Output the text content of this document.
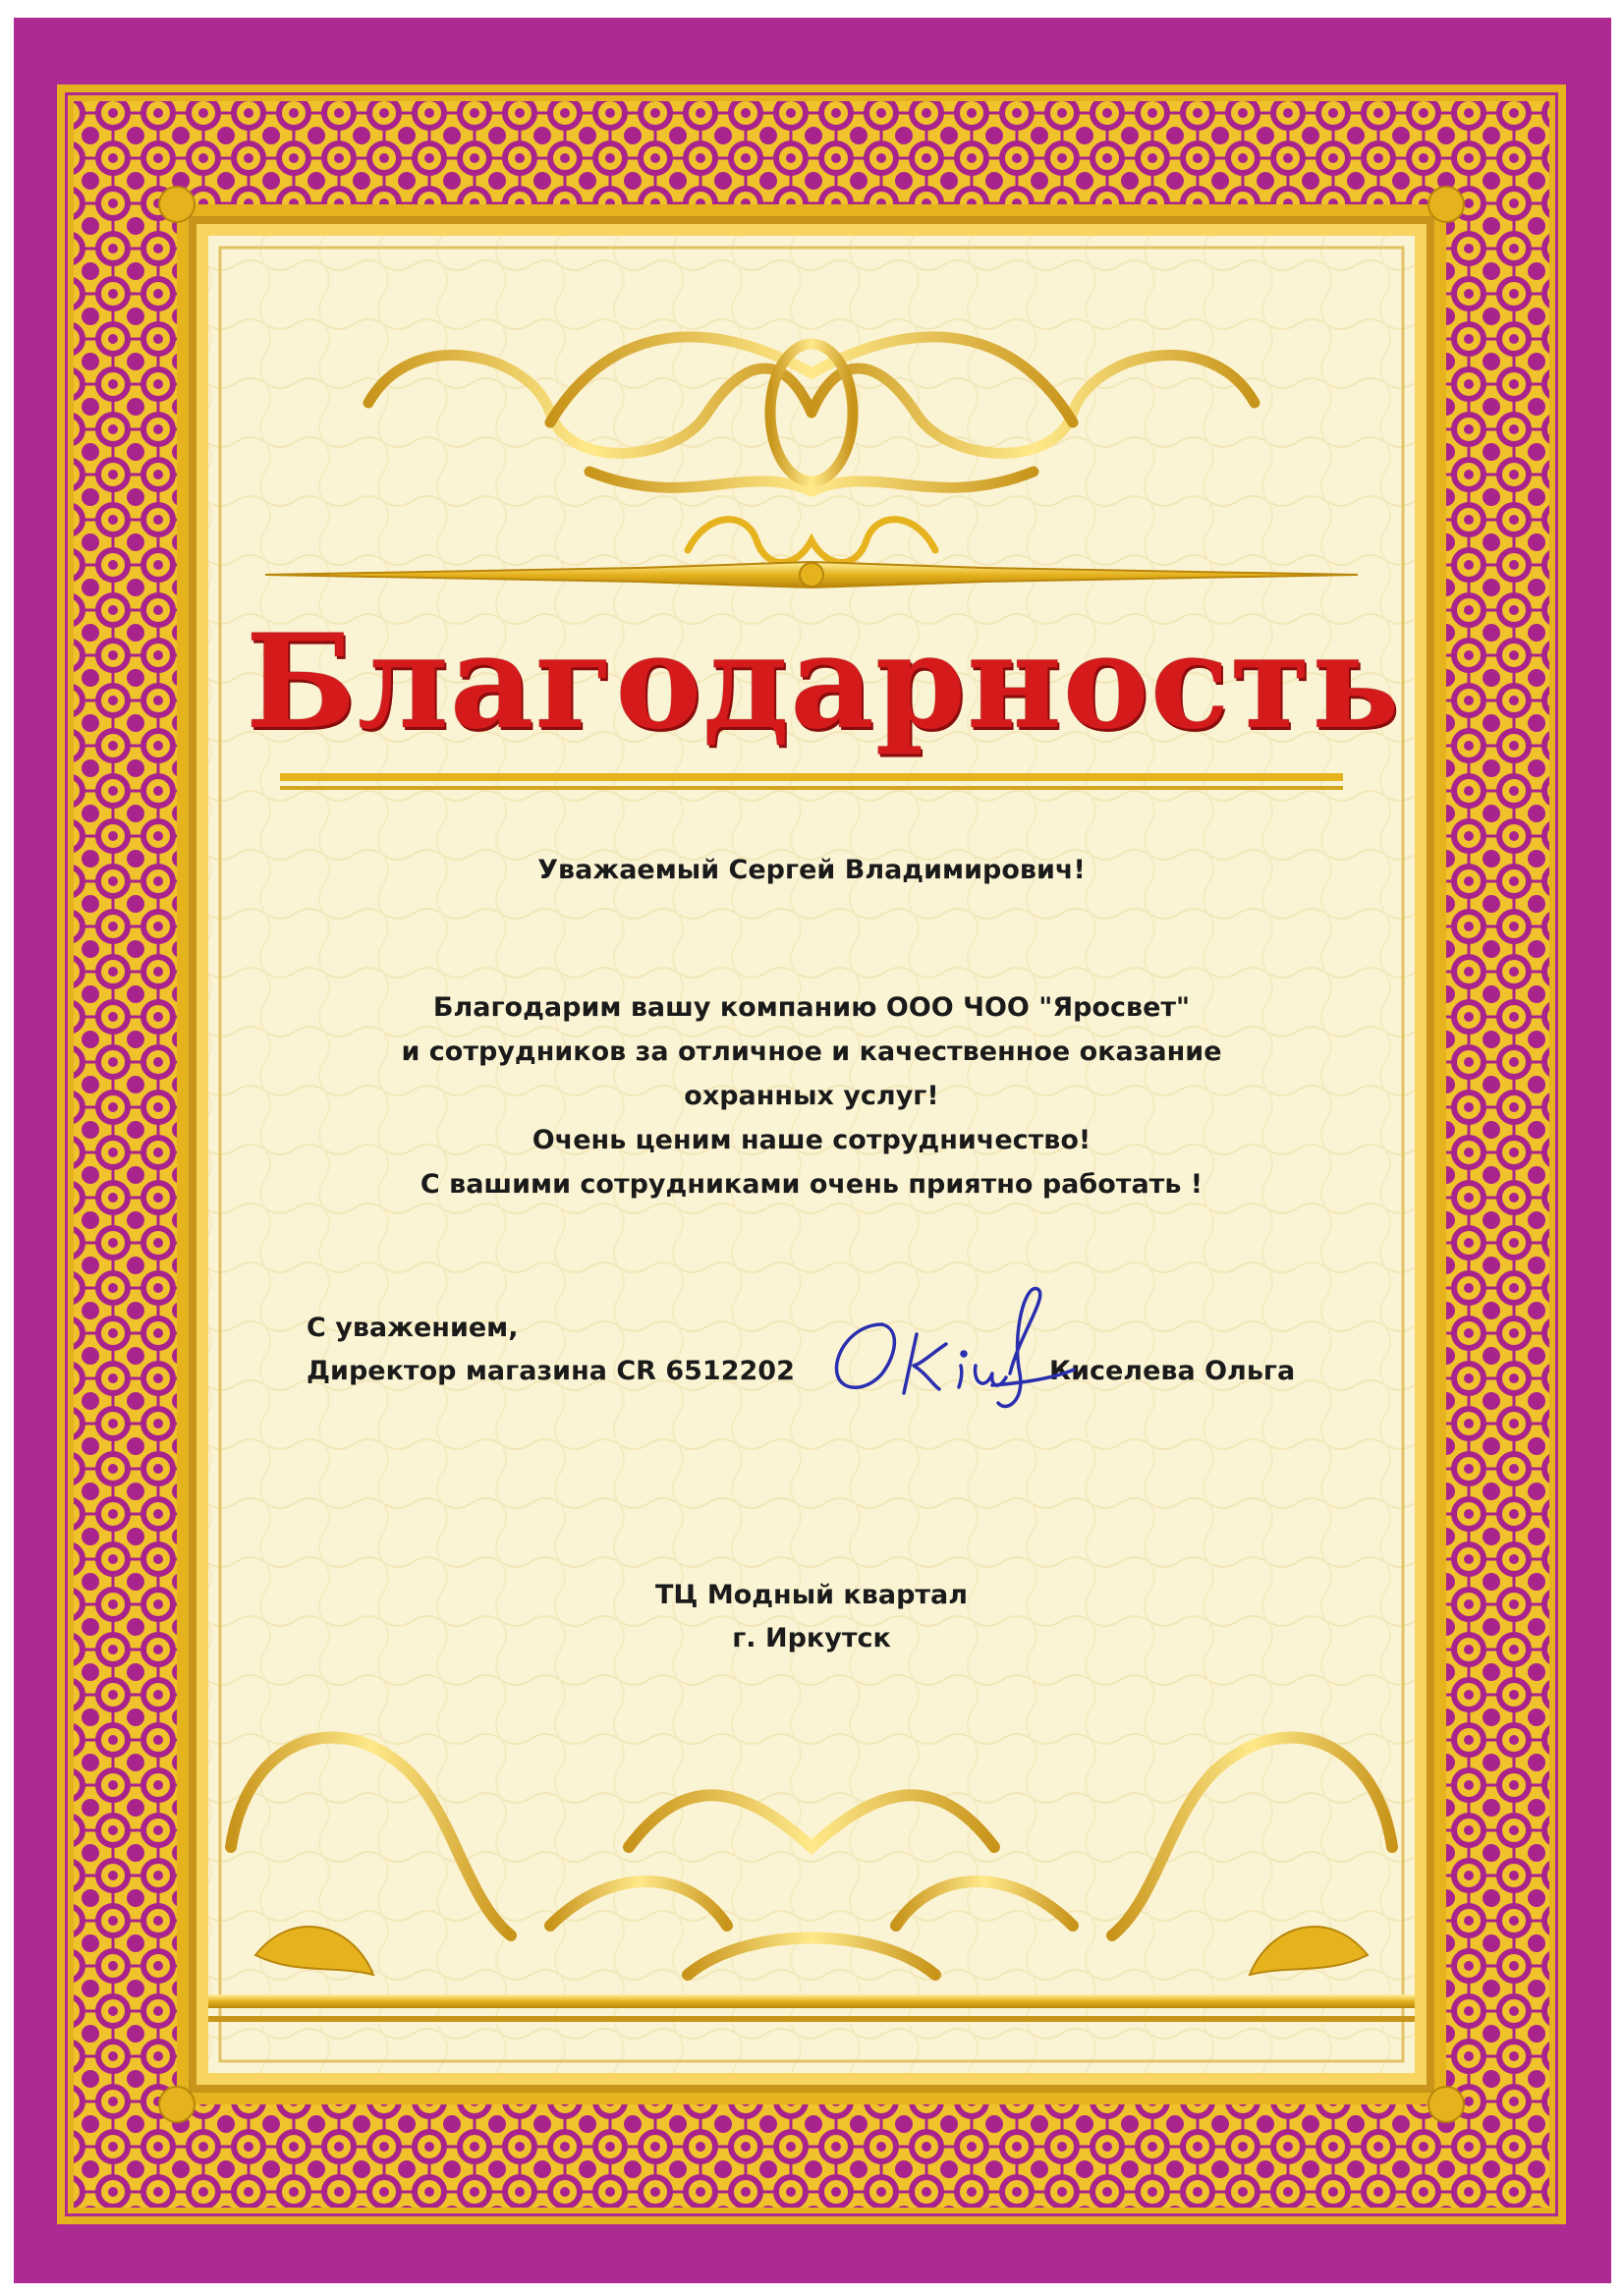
Благодарность
Уважаемый Сергей Владимирович!
Благодарим вашу компанию ООО ЧОО "Яросвет"
и сотрудников за отличное и качественное оказание
охранных услуг!
Очень ценим наше сотрудничество!
С вашими сотрудниками очень приятно работать !
С уважением,
Директор магазина CR 6512202	Киселева Ольга
ТЦ Модный квартал
г. Иркутск
